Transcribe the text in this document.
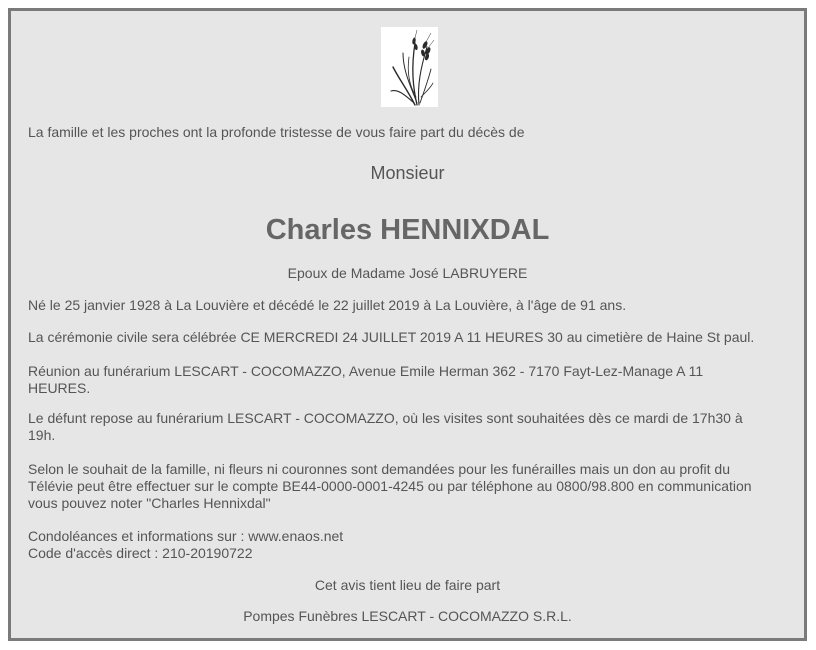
La famille et les proches ont la profonde tristesse de vous faire part du décès de
Monsieur
Charles HENNIXDAL
Epoux de Madame José LABRUYERE
Né le 25 janvier 1928 à La Louvière et décédé le 22 juillet 2019 à La Louvière, à l'âge de 91 ans.
La cérémonie civile sera célébrée CE MERCREDI 24 JUILLET 2019 A 11 HEURES 30 au cimetière de Haine St paul.
Réunion au funérarium LESCART - COCOMAZZO, Avenue Emile Herman 362 - 7170 Fayt-Lez-Manage A 11
HEURES.
Le défunt repose au funérarium LESCART - COCOMAZZO, où les visites sont souhaitées dès ce mardi de 17h30 à
19h.
Selon le souhait de la famille, ni fleurs ni couronnes sont demandées pour les funérailles mais un don au profit du
Télévie peut être effectuer sur le compte BE44-0000-0001-4245 ou par téléphone au 0800/98.800 en communication
vous pouvez noter "Charles Hennixdal"
Condoléances et informations sur : www.enaos.net
Code d'accès direct : 210-20190722
Cet avis tient lieu de faire part
Pompes Funèbres LESCART - COCOMAZZO S.R.L.
